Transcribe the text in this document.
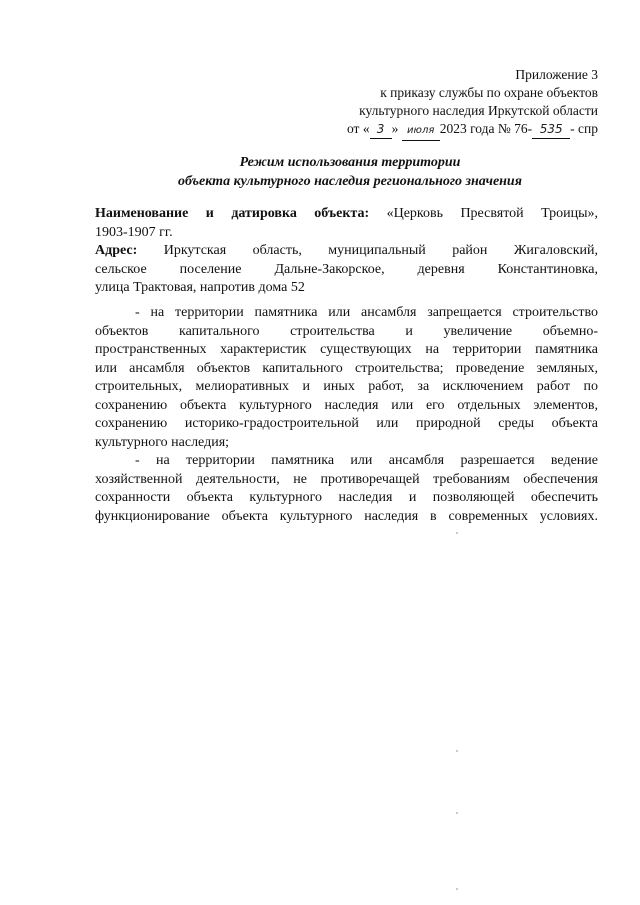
Приложение 3
к приказу службы по охране объектов
культурного наследия Иркутской области
от « 3 » июля 2023 года № 76- 535 - спр
Режим использования территории
объекта культурного наследия регионального значения
Наименование и датировка объекта: «Церковь Пресвятой Троицы»,
1903-1907 гг.
Адрес: Иркутская область, муниципальный район Жигаловский,
сельское поселение Дальне-Закорское, деревня Константиновка,
улица Трактовая, напротив дома 52
- на территории памятника или ансамбля запрещается строительство
объектов капитального строительства и увеличение объемно-
пространственных характеристик существующих на территории памятника
или ансамбля объектов капитального строительства; проведение земляных,
строительных, мелиоративных и иных работ, за исключением работ по
сохранению объекта культурного наследия или его отдельных элементов,
сохранению историко-градостроительной или природной среды объекта
культурного наследия;
- на территории памятника или ансамбля разрешается ведение
хозяйственной деятельности, не противоречащей требованиям обеспечения
сохранности объекта культурного наследия и позволяющей обеспечить
функционирование объекта культурного наследия в современных условиях.
